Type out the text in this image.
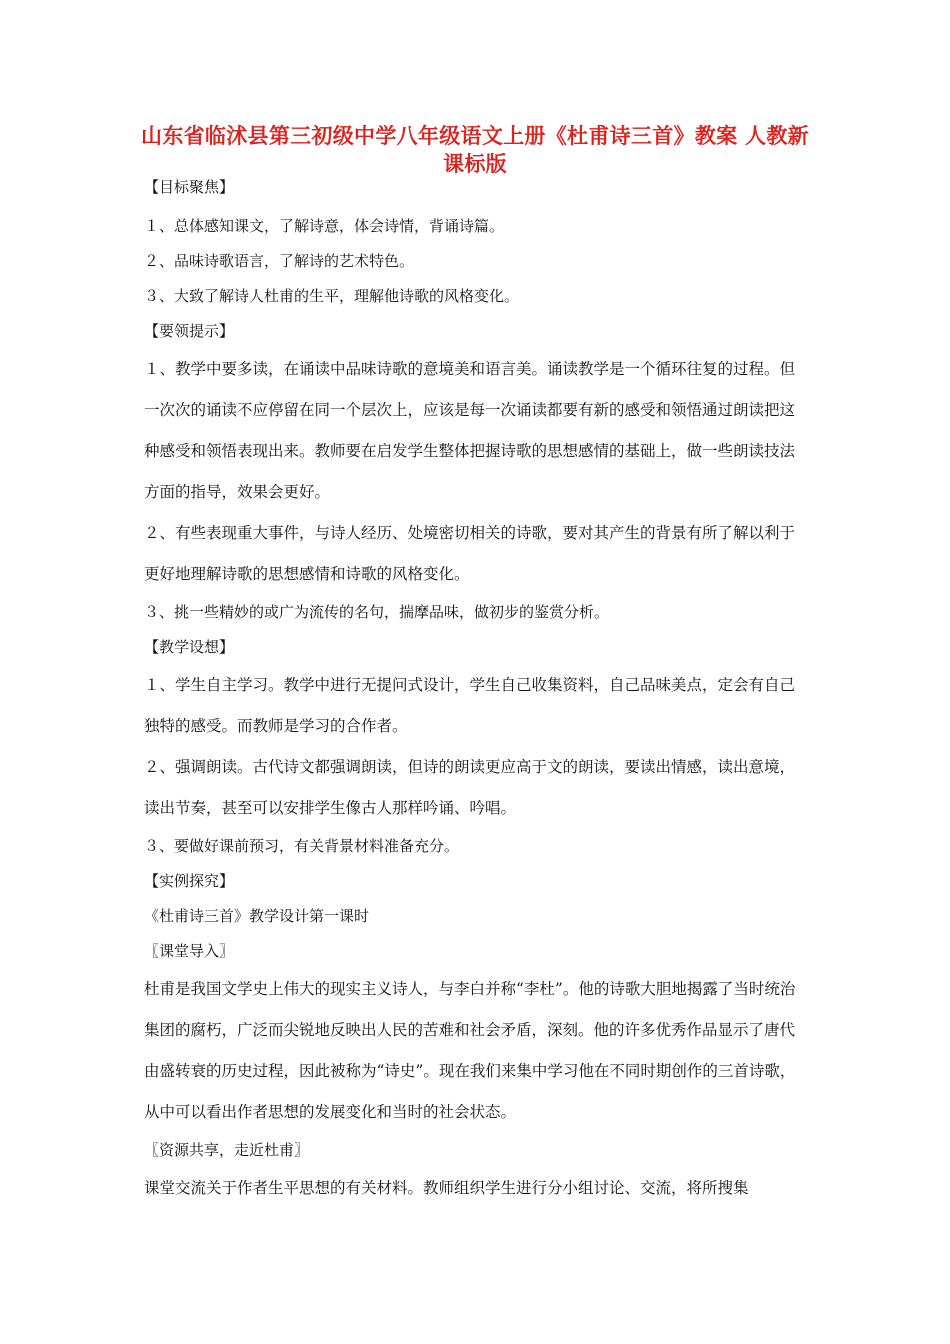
山东省临沭县第三初级中学八年级语文上册《杜甫诗三首》教案 人教新课标版

【目标聚焦】

１、总体感知课文，了解诗意，体会诗情，背诵诗篇。

２、品味诗歌语言，了解诗的艺术特色。

３、大致了解诗人杜甫的生平，理解他诗歌的风格变化。

【要领提示】

１、教学中要多读，在诵读中品味诗歌的意境美和语言美。诵读教学是一个循环往复的过程。但一次次的诵读不应停留在同一个层次上，应该是每一次诵读都要有新的感受和领悟通过朗读把这种感受和领悟表现出来。教师要在启发学生整体把握诗歌的思想感情的基础上，做一些朗读技法方面的指导，效果会更好。

２、有些表现重大事件，与诗人经历、处境密切相关的诗歌，要对其产生的背景有所了解以利于更好地理解诗歌的思想感情和诗歌的风格变化。

３、挑一些精妙的或广为流传的名句，揣摩品味，做初步的鉴赏分析。

【教学设想】

１、学生自主学习。教学中进行无提问式设计，学生自己收集资料，自己品味美点，定会有自己独特的感受。而教师是学习的合作者。

２、强调朗读。古代诗文都强调朗读，但诗的朗读更应高于文的朗读，要读出情感，读出意境，读出节奏，甚至可以安排学生像古人那样吟诵、吟唱。

３、要做好课前预习，有关背景材料准备充分。

【实例探究】

《杜甫诗三首》教学设计第一课时

〖课堂导入〗

杜甫是我国文学史上伟大的现实主义诗人，与李白并称“李杜”。他的诗歌大胆地揭露了当时统治集团的腐朽，广泛而尖锐地反映出人民的苦难和社会矛盾，深刻。他的许多优秀作品显示了唐代由盛转衰的历史过程，因此被称为“诗史”。现在我们来集中学习他在不同时期创作的三首诗歌，从中可以看出作者思想的发展变化和当时的社会状态。

〖资源共享，走近杜甫〗

课堂交流关于作者生平思想的有关材料。教师组织学生进行分小组讨论、交流，将所搜集
